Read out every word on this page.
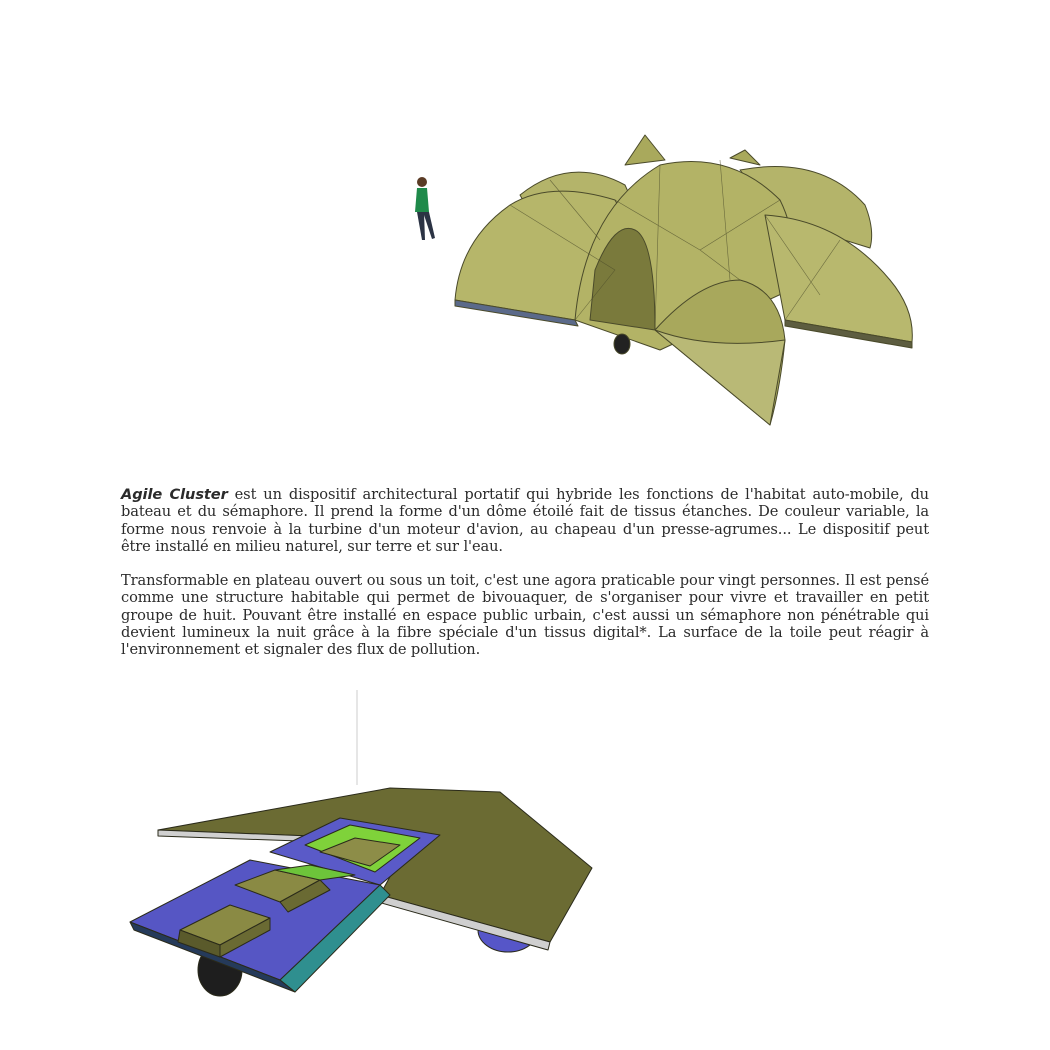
Agile Cluster est un dispositif architectural portatif qui hybride les fonctions de l'habitat auto-mobile, du bateau et du sémaphore. Il prend la forme d'un dôme étoilé fait de tissus étanches. De couleur variable, la forme nous renvoie à la turbine d'un moteur d'avion, au chapeau d'un presse-agrumes... Le dispositif peut être installé en milieu naturel, sur terre et sur l'eau.

Transformable en plateau ouvert ou sous un toit, c'est une agora praticable pour vingt personnes. Il est pensé comme une structure habitable qui permet de bivouaquer, de s'organiser pour vivre et travailler en petit groupe de huit. Pouvant être installé en espace public urbain, c'est aussi un sémaphore non pénétrable qui devient lumineux la nuit grâce à la fibre spéciale d'un tissus digital*. La surface de la toile peut réagir à l'environnement et signaler des flux de pollution.
